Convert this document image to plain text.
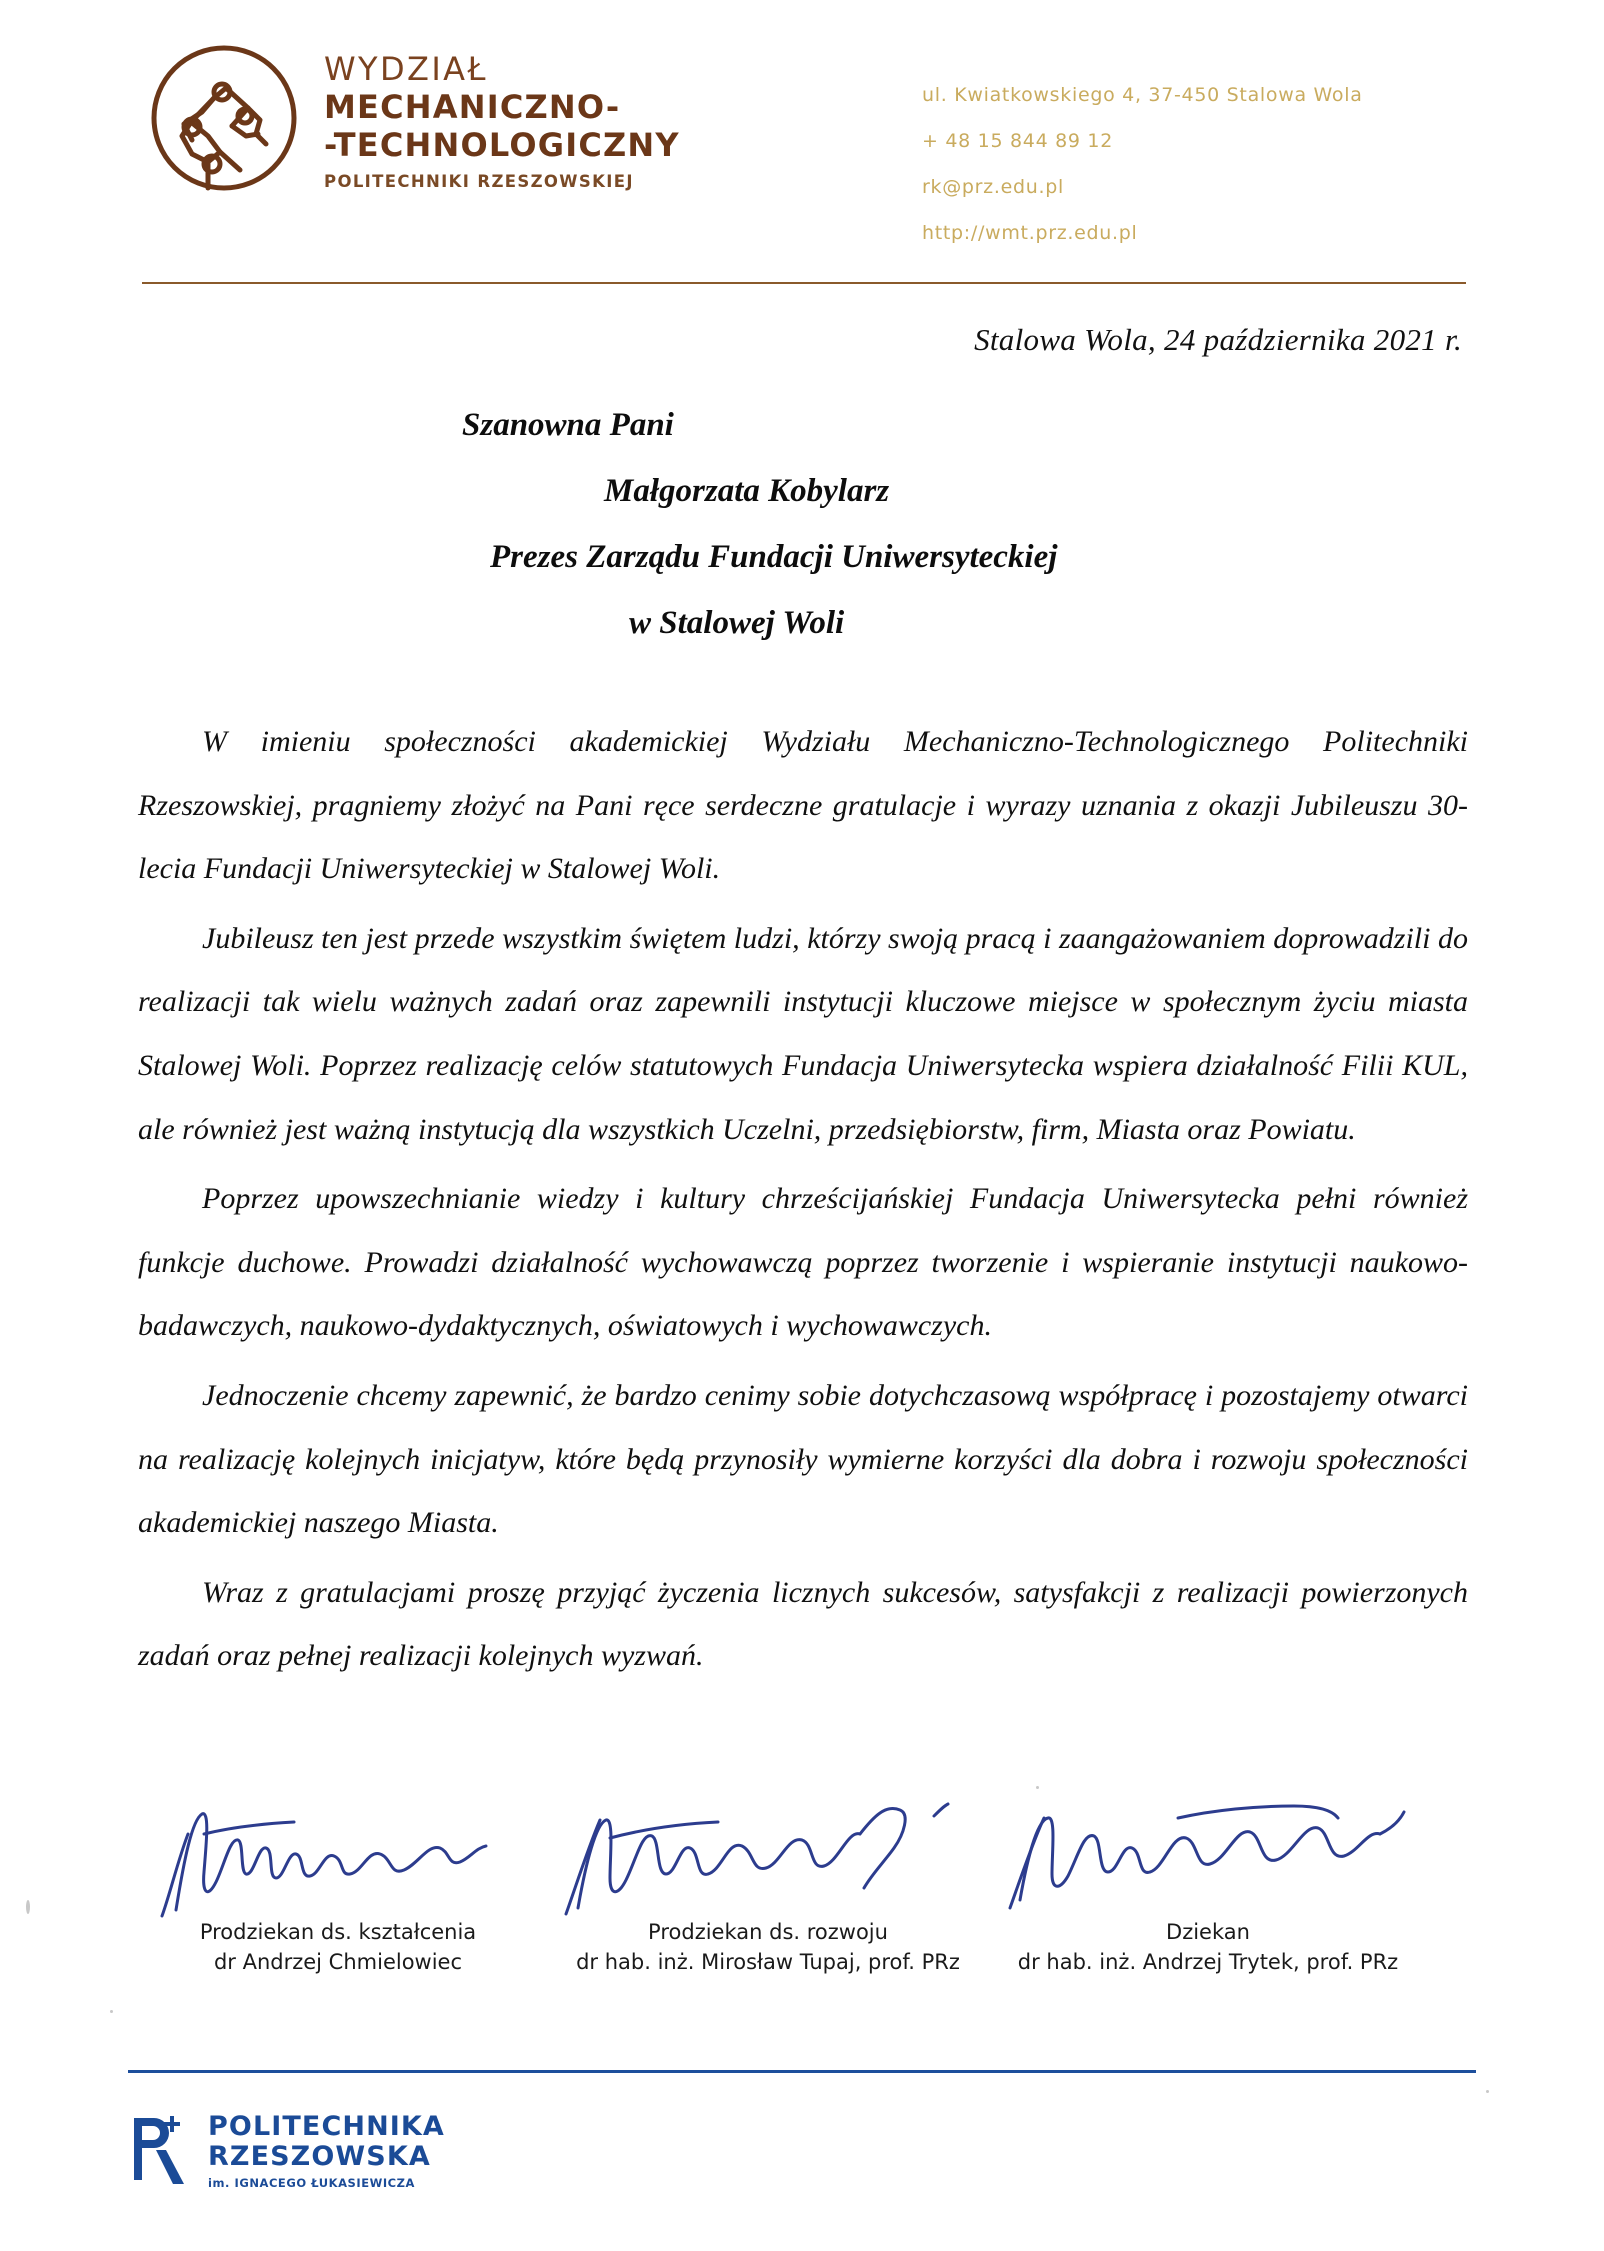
WYDZIAŁ
MECHANICZNO-
-TECHNOLOGICZNY
POLITECHNIKI RZESZOWSKIEJ
ul. Kwiatkowskiego 4, 37-450 Stalowa Wola
+ 48 15 844 89 12
rk@prz.edu.pl
http://wmt.prz.edu.pl
Stalowa Wola, 24 października 2021 r.
Szanowna Pani
Małgorzata Kobylarz
Prezes Zarządu Fundacji Uniwersyteckiej
w Stalowej Woli

W imieniu społeczności akademickiej Wydziału Mechaniczno-Technologicznego Politechniki Rzeszowskiej, pragniemy złożyć na Pani ręce serdeczne gratulacje i wyrazy uznania z okazji Jubileuszu 30-lecia Fundacji Uniwersyteckiej w Stalowej Woli.

Jubileusz ten jest przede wszystkim świętem ludzi, którzy swoją pracą i zaangażowaniem doprowadzili do realizacji tak wielu ważnych zadań oraz zapewnili instytucji kluczowe miejsce w społecznym życiu miasta Stalowej Woli. Poprzez realizację celów statutowych Fundacja Uniwersytecka wspiera działalność Filii KUL, ale również jest ważną instytucją dla wszystkich Uczelni, przedsiębiorstw, firm, Miasta oraz Powiatu.

Poprzez upowszechnianie wiedzy i kultury chrześcijańskiej Fundacja Uniwersytecka pełni również funkcje duchowe. Prowadzi działalność wychowawczą poprzez tworzenie i wspieranie instytucji naukowo-badawczych, naukowo-dydaktycznych, oświatowych i wychowawczych.

Jednoczenie chcemy zapewnić, że bardzo cenimy sobie dotychczasową współpracę i pozostajemy otwarci na realizację kolejnych inicjatyw, które będą przynosiły wymierne korzyści dla dobra i rozwoju społeczności akademickiej naszego Miasta.

Wraz z gratulacjami proszę przyjąć życzenia licznych sukcesów, satysfakcji z realizacji powierzonych zadań oraz pełnej realizacji kolejnych wyzwań.

Prodziekan ds. kształcenia
dr Andrzej Chmielowiec
Prodziekan ds. rozwoju
dr hab. inż. Mirosław Tupaj, prof. PRz
Dziekan
dr hab. inż. Andrzej Trytek, prof. PRz
POLITECHNIKA
RZESZOWSKA
im. IGNACEGO ŁUKASIEWICZA
